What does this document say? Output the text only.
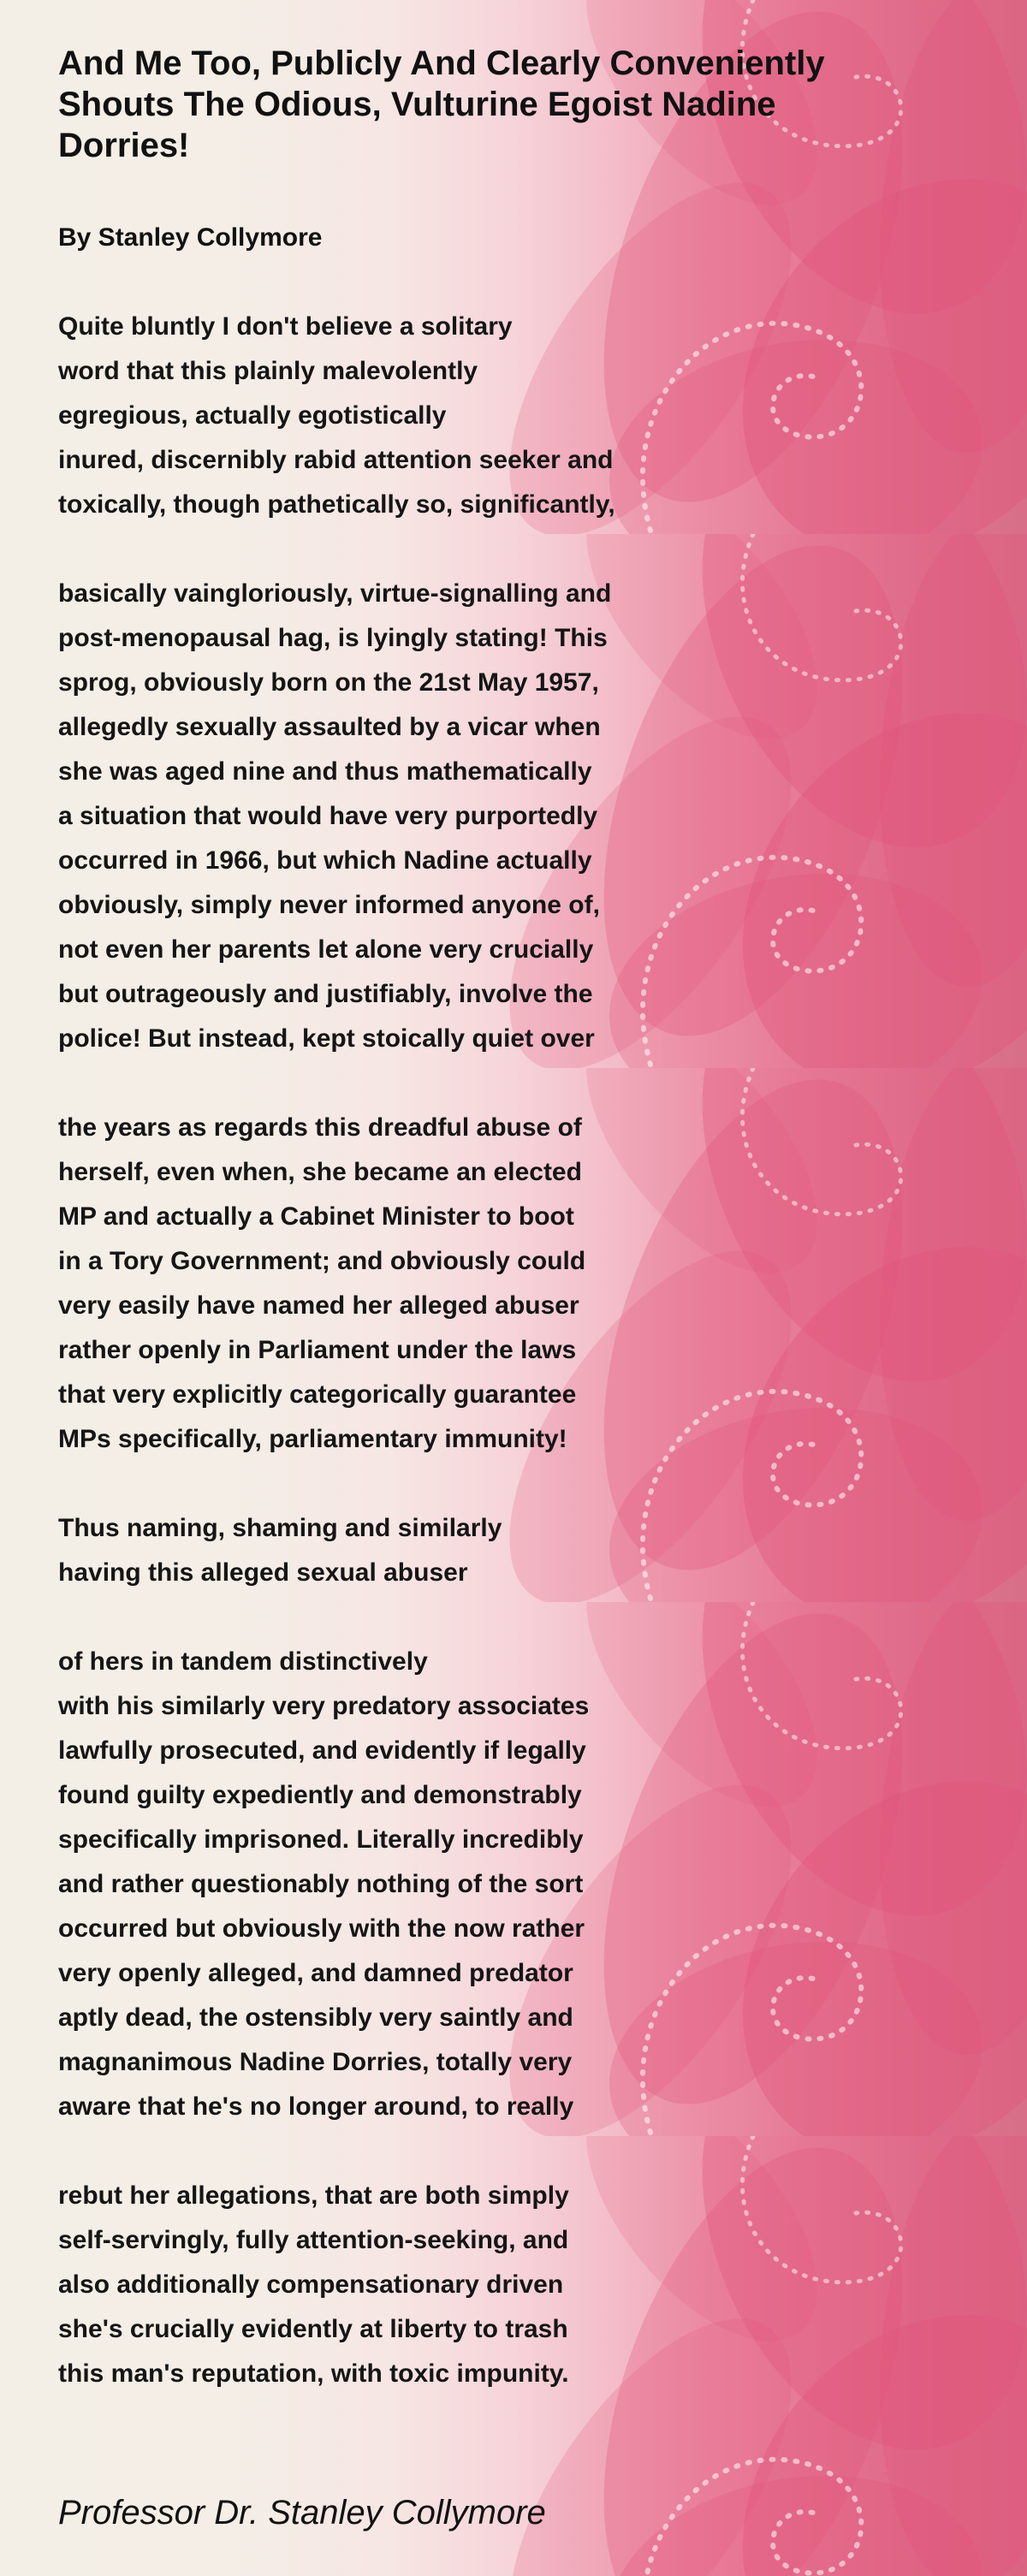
And Me Too, Publicly And Clearly Conveniently Shouts The Odious, Vulturine Egoist Nadine Dorries!

By Stanley Collymore

Quite bluntly I don't believe a solitary

word that this plainly malevolently

egregious, actually egotistically

inured, discernibly rabid attention seeker and

toxically, though pathetically so, significantly,

basically vaingloriously, virtue-signalling and

post-menopausal hag, is lyingly stating! This

sprog, obviously born on the 21st May 1957,

allegedly sexually assaulted by a vicar when

she was aged nine and thus mathematically

a situation that would have very purportedly

occurred in 1966, but which Nadine actually

obviously, simply never informed anyone of,

not even her parents let alone very crucially

but outrageously and justifiably, involve the

police! But instead, kept stoically quiet over

the years as regards this dreadful abuse of

herself, even when, she became an elected

MP and actually a Cabinet Minister to boot

in a Tory Government; and obviously could

very easily have named her alleged abuser

rather openly in Parliament under the laws

that very explicitly categorically guarantee

MPs specifically, parliamentary immunity!

Thus naming, shaming and similarly

having this alleged sexual abuser

of hers in tandem distinctively

with his similarly very predatory associates

lawfully prosecuted, and evidently if legally

found guilty expediently and demonstrably

specifically imprisoned. Literally incredibly

and rather questionably nothing of the sort

occurred but obviously with the now rather

very openly alleged, and damned predator

aptly dead, the ostensibly very saintly and

magnanimous Nadine Dorries, totally very

aware that he's no longer around, to really

rebut her allegations, that are both simply

self-servingly, fully attention-seeking, and

also additionally compensationary driven

she's crucially evidently at liberty to trash

this man's reputation, with toxic impunity.

Professor Dr. Stanley Collymore
